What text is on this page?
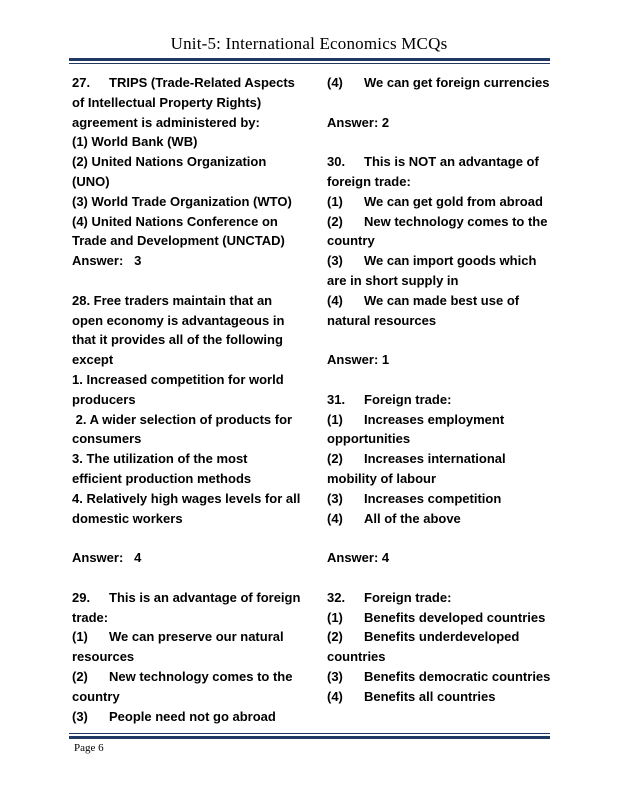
Unit-5: International Economics MCQs
27. TRIPS (Trade-Related Aspects
of Intellectual Property Rights)
agreement is administered by:
(1) World Bank (WB)
(2) United Nations Organization
(UNO)
(3) World Trade Organization (WTO)
(4) United Nations Conference on
Trade and Development (UNCTAD)
Answer:   3
28. Free traders maintain that an
open economy is advantageous in
that it provides all of the following
except
1. Increased competition for world
producers
2. A wider selection of products for
consumers
3. The utilization of the most
efficient production methods
4. Relatively high wages levels for all
domestic workers
Answer:   4
29. This is an advantage of foreign
trade:
(1) We can preserve our natural
resources
(2) New technology comes to the
country
(3) People need not go abroad
(4) We can get foreign currencies
Answer: 2
30. This is NOT an advantage of
foreign trade:
(1) We can get gold from abroad
(2) New technology comes to the
country
(3) We can import goods which
are in short supply in
(4) We can made best use of
natural resources
Answer: 1
31. Foreign trade:
(1) Increases employment
opportunities
(2) Increases international
mobility of labour
(3) Increases competition
(4) All of the above
Answer: 4
32. Foreign trade:
(1) Benefits developed countries
(2) Benefits underdeveloped
countries
(3) Benefits democratic countries
(4) Benefits all countries
Page 6
